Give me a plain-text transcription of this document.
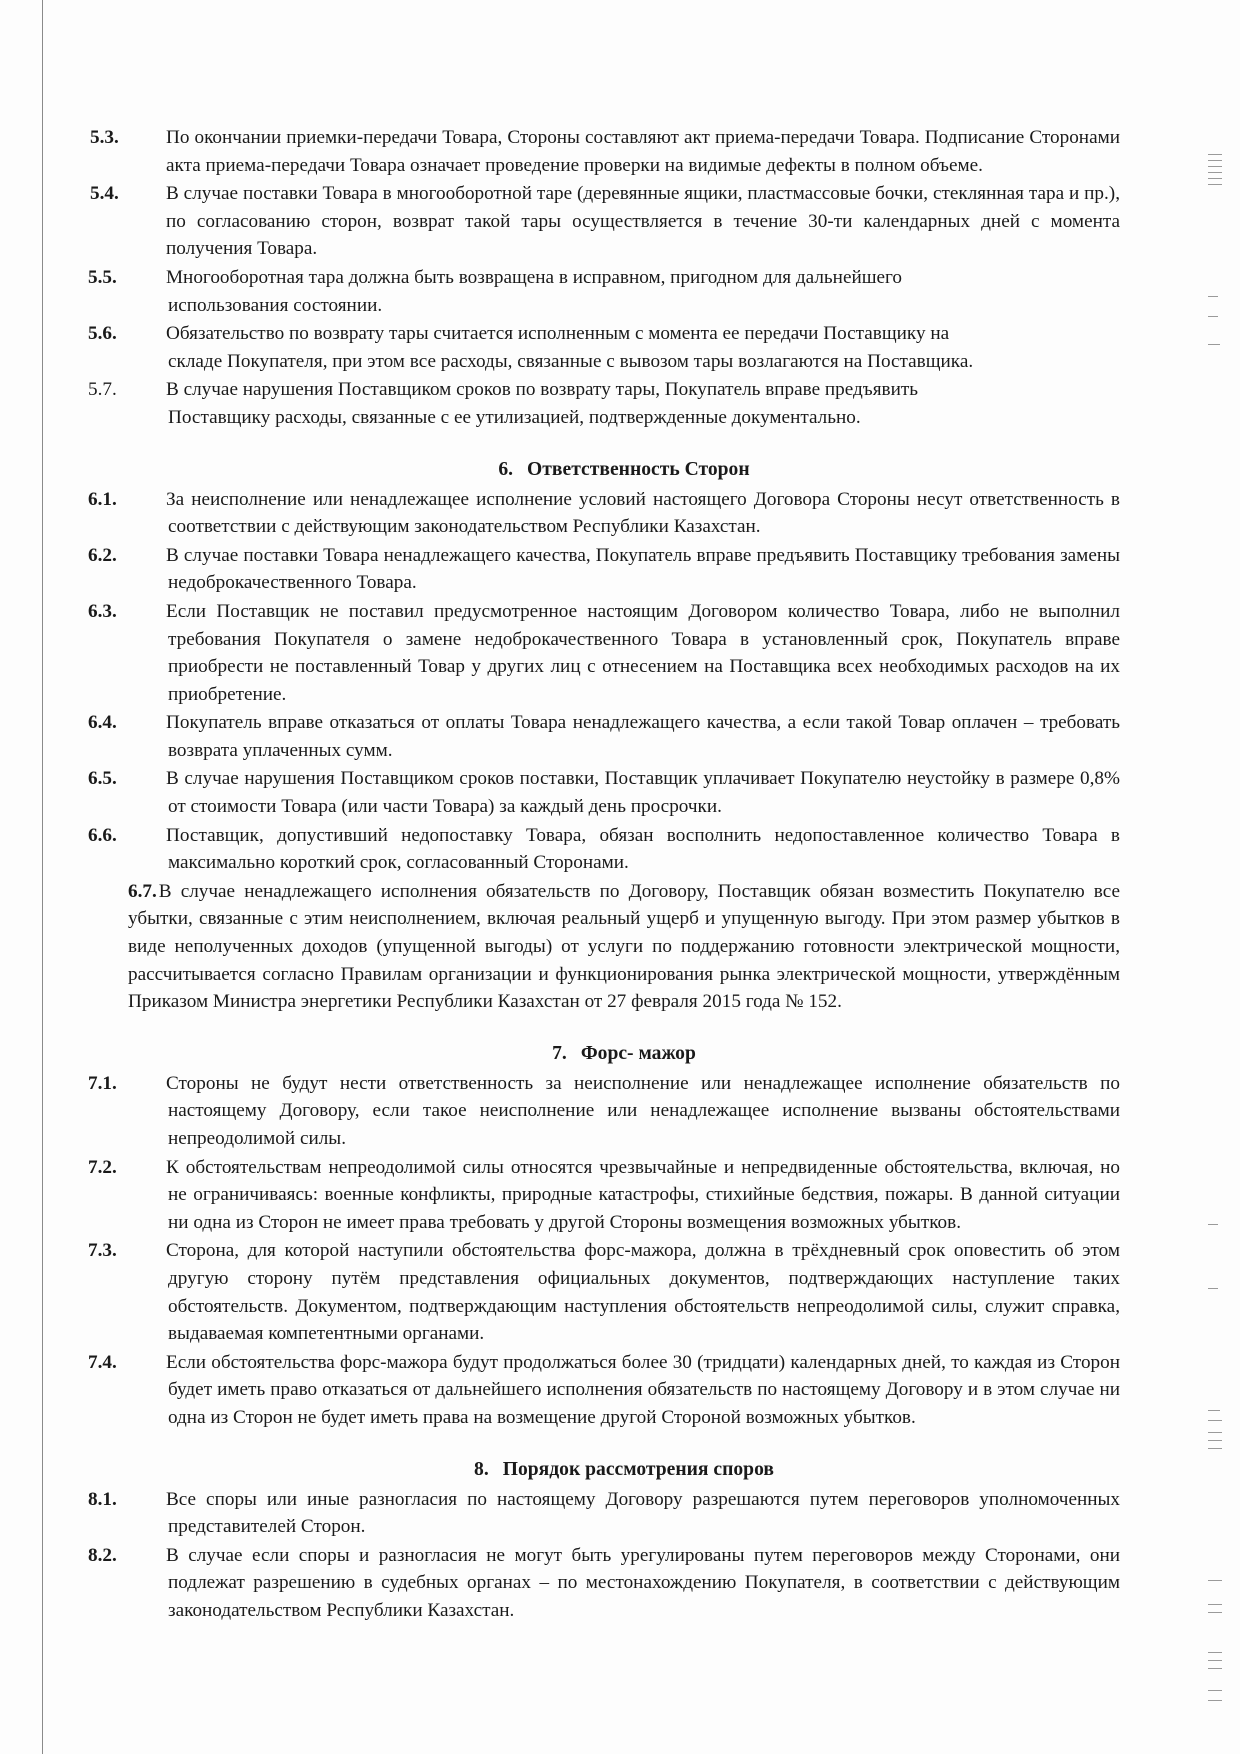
5.3. По окончании приемки-передачи Товара, Стороны составляют акт приема-передачи Товара. Подписание Сторонами акта приема-передачи Товара означает проведение проверки на видимые дефекты в полном объеме.
5.4. В случае поставки Товара в многооборотной таре (деревянные ящики, пластмассовые бочки, стеклянная тара и пр.), по согласованию сторон, возврат такой тары осуществляется в течение 30-ти календарных дней с момента получения Товара.
5.5.	Многооборотная тара должна быть возвращена в исправном, пригодном для дальнейшего использования состоянии.
5.6.	Обязательство по возврату тары считается исполненным с момента ее передачи Поставщику на складе Покупателя, при этом все расходы, связанные с вывозом тары возлагаются на Поставщика.
5.7.	В случае нарушения Поставщиком сроков по возврату тары, Покупатель вправе предъявить Поставщику расходы, связанные с ее утилизацией, подтвержденные документально.
6. Ответственность Сторон
6.1.	За неисполнение или ненадлежащее исполнение условий настоящего Договора Стороны несут ответственность в соответствии с действующим законодательством Республики Казахстан.
6.2.	В случае поставки Товара ненадлежащего качества, Покупатель вправе предъявить Поставщику требования замены недоброкачественного Товара.
6.3.	Если Поставщик не поставил предусмотренное настоящим Договором количество Товара, либо не выполнил требования Покупателя о замене недоброкачественного Товара в установленный срок, Покупатель вправе приобрести не поставленный Товар у других лиц с отнесением на Поставщика всех необходимых расходов на их приобретение.
6.4.	Покупатель вправе отказаться от оплаты Товара ненадлежащего качества, а если такой Товар оплачен – требовать возврата уплаченных сумм.
6.5.	В случае нарушения Поставщиком сроков поставки, Поставщик уплачивает Покупателю неустойку в размере 0,8% от стоимости Товара (или части Товара) за каждый день просрочки.
6.6.	Поставщик, допустивший недопоставку Товара, обязан восполнить недопоставленное количество Товара в максимально короткий срок, согласованный Сторонами.
6.7. В случае ненадлежащего исполнения обязательств по Договору, Поставщик обязан возместить Покупателю все убытки, связанные с этим неисполнением, включая реальный ущерб и упущенную выгоду. При этом размер убытков в виде неполученных доходов (упущенной выгоды) от услуги по поддержанию готовности электрической мощности, рассчитывается согласно Правилам организации и функционирования рынка электрической мощности, утверждённым Приказом Министра энергетики Республики Казахстан от 27 февраля 2015 года № 152.
7. Форс- мажор
7.1.	Стороны не будут нести ответственность за неисполнение или ненадлежащее исполнение обязательств по настоящему Договору, если такое неисполнение или ненадлежащее исполнение вызваны обстоятельствами непреодолимой силы.
7.2.	К обстоятельствам непреодолимой силы относятся чрезвычайные и непредвиденные обстоятельства, включая, но не ограничиваясь: военные конфликты, природные катастрофы, стихийные бедствия, пожары. В данной ситуации ни одна из Сторон не имеет права требовать у другой Стороны возмещения возможных убытков.
7.3.	Сторона, для которой наступили обстоятельства форс-мажора, должна в трёхдневный срок оповестить об этом другую сторону путём представления официальных документов, подтверждающих наступление таких обстоятельств. Документом, подтверждающим наступления обстоятельств непреодолимой силы, служит справка, выдаваемая компетентными органами.
7.4.	Если обстоятельства форс-мажора будут продолжаться более 30 (тридцати) календарных дней, то каждая из Сторон будет иметь право отказаться от дальнейшего исполнения обязательств по настоящему Договору и в этом случае ни одна из Сторон не будет иметь права на возмещение другой Стороной возможных убытков.
8. Порядок рассмотрения споров
8.1.	Все споры или иные разногласия по настоящему Договору разрешаются путем переговоров уполномоченных представителей Сторон.
8.2.	В случае если споры и разногласия не могут быть урегулированы путем переговоров между Сторонами, они подлежат разрешению в судебных органах – по местонахождению Покупателя, в соответствии с действующим законодательством Республики Казахстан.
